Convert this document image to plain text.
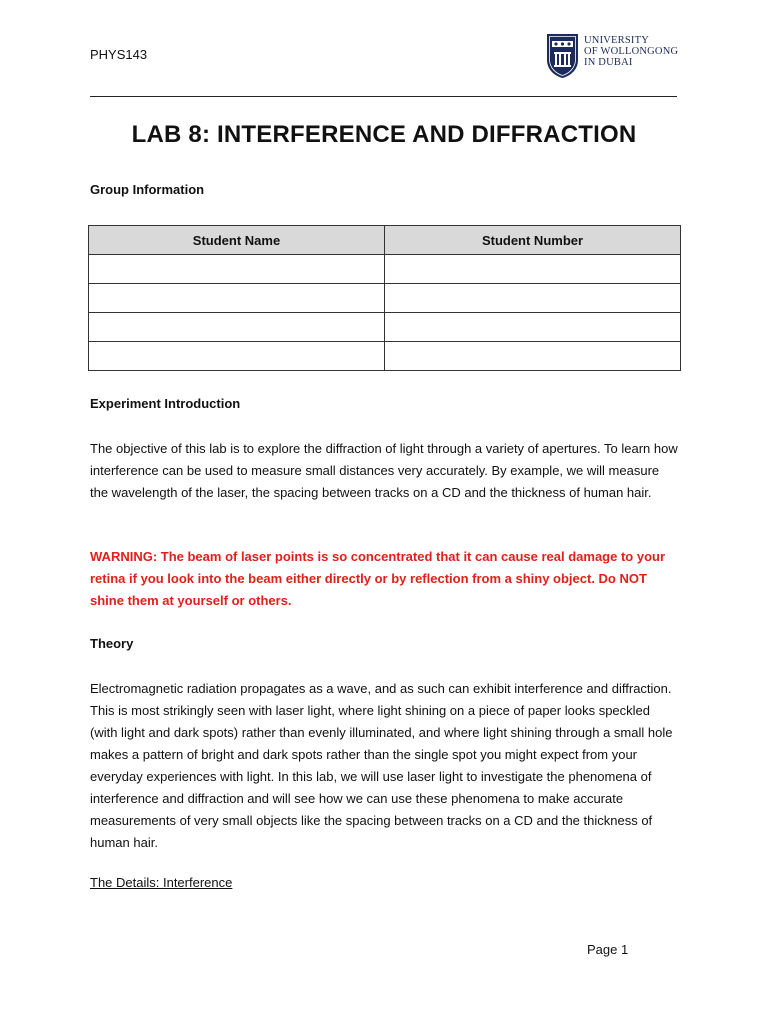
PHYS143
UNIVERSITY
OF WOLLONGONG
IN DUBAI
LAB 8: INTERFERENCE AND DIFFRACTION
Group Information
Student Name	Student Number

Experiment Introduction
The objective of this lab is to explore the diffraction of light through a variety of apertures. To learn how interference can be used to measure small distances very accurately. By example, we will measure the wavelength of the laser, the spacing between tracks on a CD and the thickness of human hair.
WARNING: The beam of laser points is so concentrated that it can cause real damage to your retina if you look into the beam either directly or by reflection from a shiny object. Do NOT shine them at yourself or others.
Theory
Electromagnetic radiation propagates as a wave, and as such can exhibit interference and diffraction. This is most strikingly seen with laser light, where light shining on a piece of paper looks speckled (with light and dark spots) rather than evenly illuminated, and where light shining through a small hole makes a pattern of bright and dark spots rather than the single spot you might expect from your everyday experiences with light. In this lab, we will use laser light to investigate the phenomena of interference and diffraction and will see how we can use these phenomena to make accurate measurements of very small objects like the spacing between tracks on a CD and the thickness of human hair.
The Details: Interference
Page 1
